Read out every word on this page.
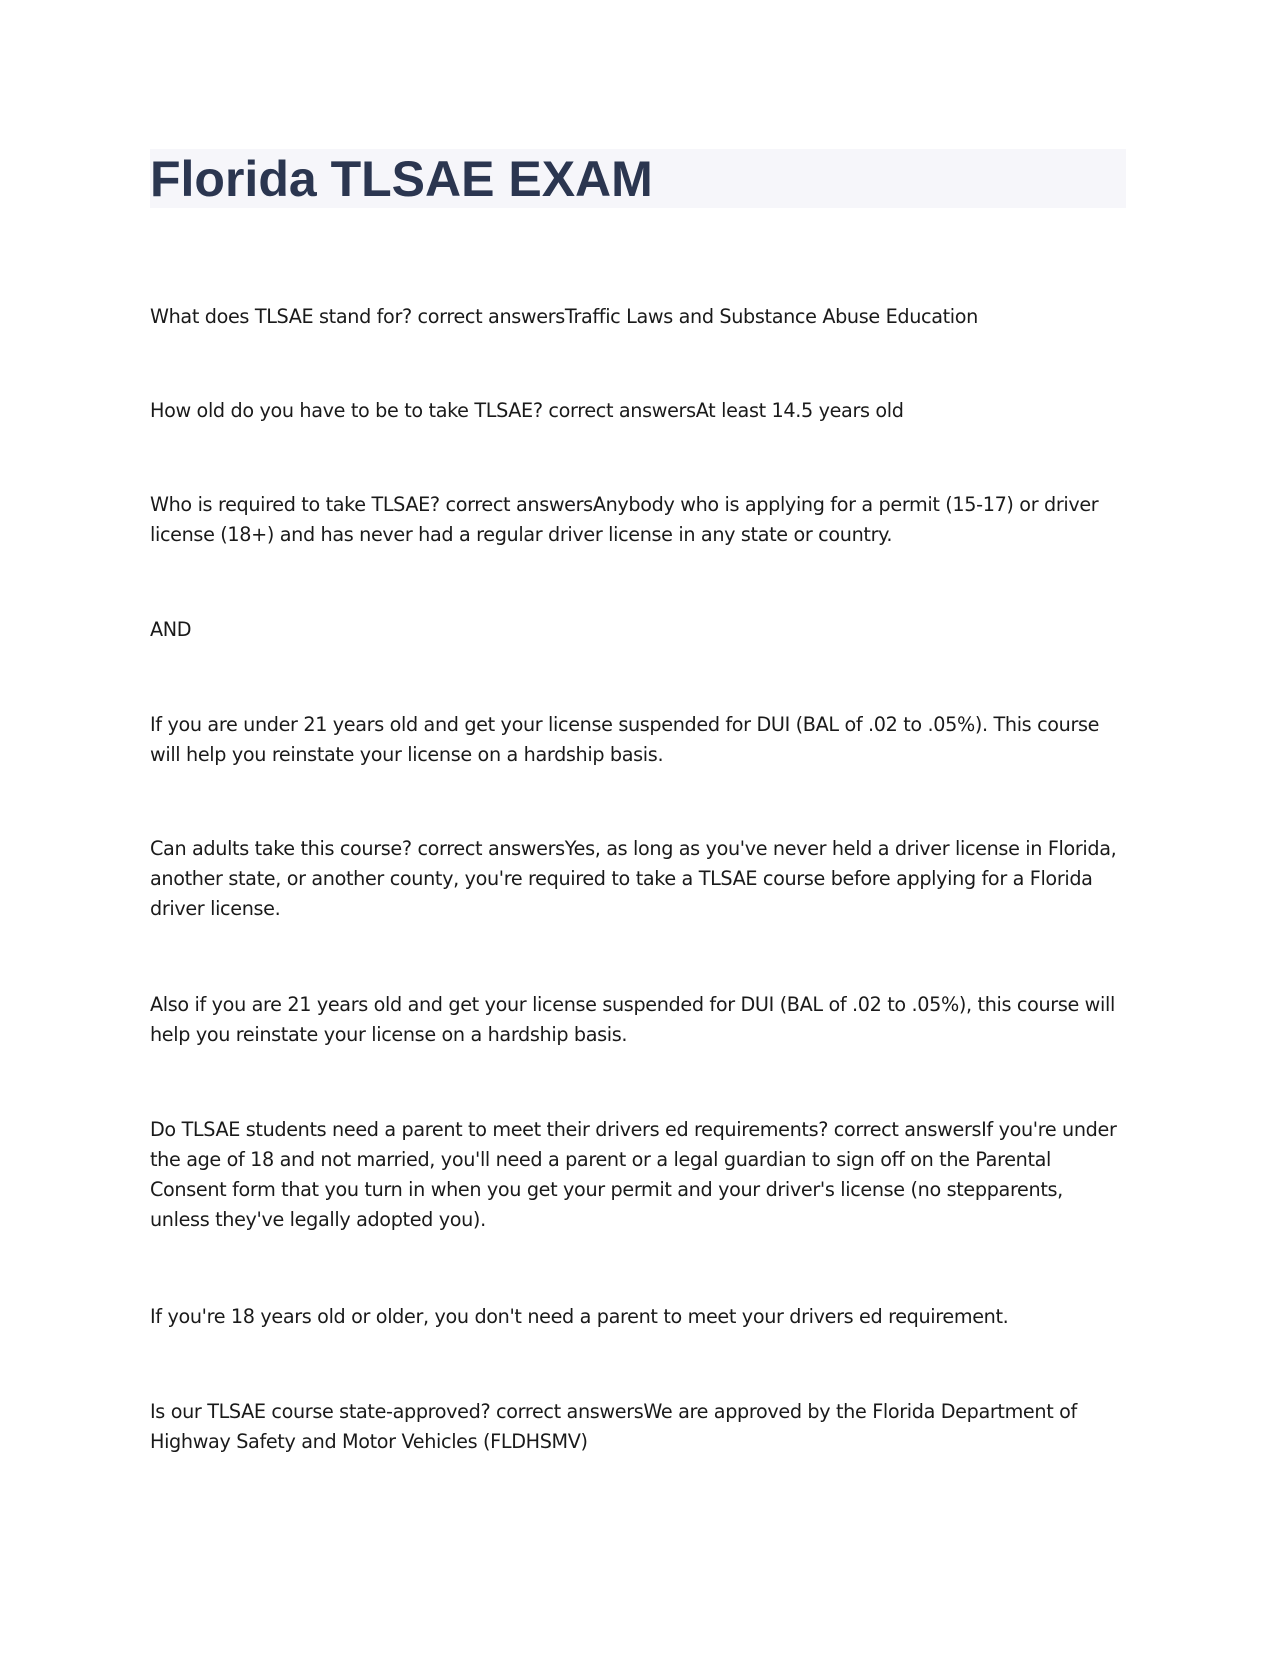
Florida TLSAE EXAM

What does TLSAE stand for? correct answersTraffic Laws and Substance Abuse Education

How old do you have to be to take TLSAE? correct answersAt least 14.5 years old

Who is required to take TLSAE? correct answersAnybody who is applying for a permit (15-17) or driver license (18+) and has never had a regular driver license in any state or country.

AND

If you are under 21 years old and get your license suspended for DUI (BAL of .02 to .05%). This course will help you reinstate your license on a hardship basis.

Can adults take this course? correct answersYes, as long as you've never held a driver license in Florida, another state, or another county, you're required to take a TLSAE course before applying for a Florida driver license.

Also if you are 21 years old and get your license suspended for DUI (BAL of .02 to .05%), this course will help you reinstate your license on a hardship basis.

Do TLSAE students need a parent to meet their drivers ed requirements? correct answersIf you're under the age of 18 and not married, you'll need a parent or a legal guardian to sign off on the Parental Consent form that you turn in when you get your permit and your driver's license (no stepparents, unless they've legally adopted you).

If you're 18 years old or older, you don't need a parent to meet your drivers ed requirement.

Is our TLSAE course state-approved? correct answersWe are approved by the Florida Department of Highway Safety and Motor Vehicles (FLDHSMV)
